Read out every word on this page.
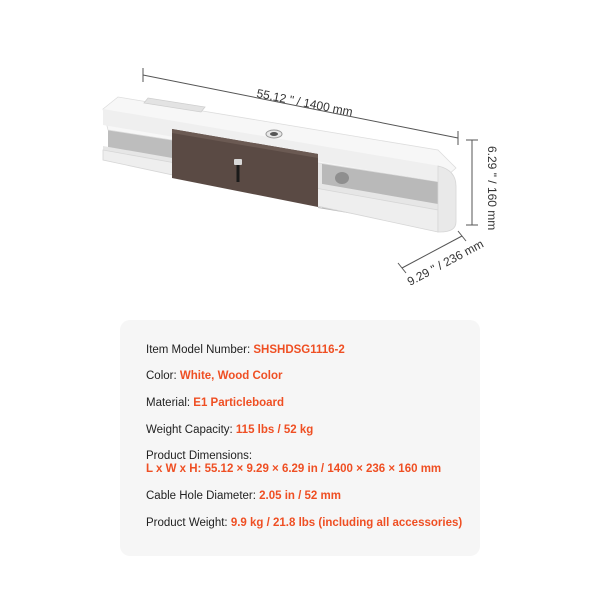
55.12 " / 1400 mm
6.29 " / 160 mm
9.29 " / 236 mm
Item Model Number: SHSHDSG1116-2
Color: White, Wood Color
Material: E1 Particleboard
Weight Capacity: 115 lbs / 52 kg
Product Dimensions:
L x W x H: 55.12 × 9.29 × 6.29 in / 1400 × 236 × 160 mm
Cable Hole Diameter: 2.05 in / 52 mm
Product Weight: 9.9 kg / 21.8 lbs (including all accessories)
